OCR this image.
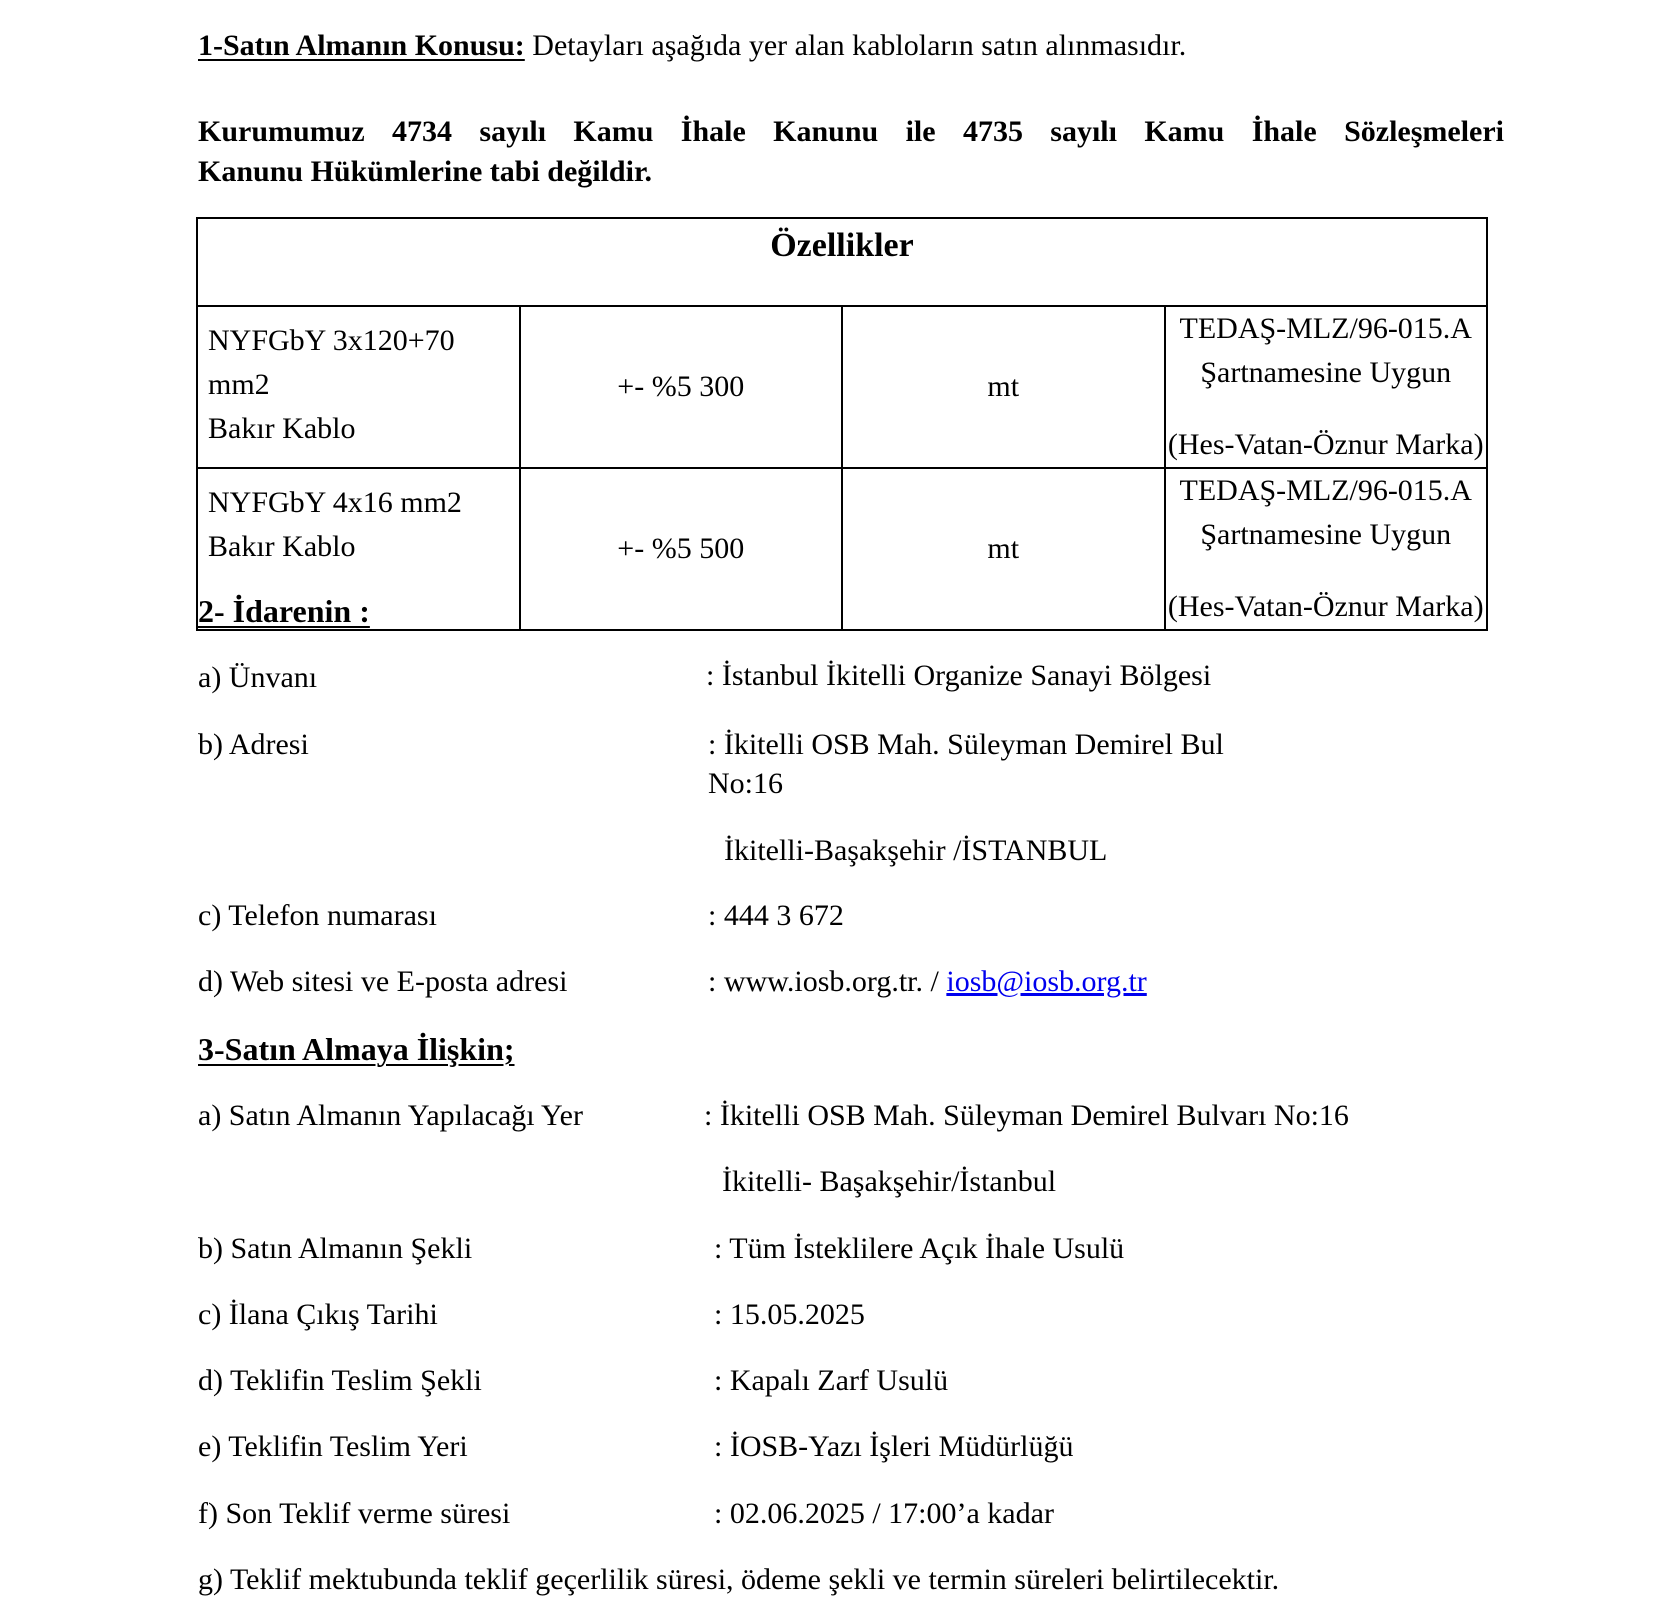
1-Satın Almanın Konusu: Detayları aşağıda yer alan kabloların satın alınmasıdır.
Kurumumuz 4734 sayılı Kamu İhale Kanunu ile 4735 sayılı Kamu İhale Sözleşmeleri
Kanunu Hükümlerine tabi değildir.
Özellikler			
NYFGbY 3x120+70 mm2
Bakır Kablo	+- %5 300	mt	TEDAŞ-MLZ/96-015.A Şartnamesine Uygun
(Hes-Vatan-Öznur Marka)

NYFGbY 4x16 mm2
Bakır Kablo	+- %5 500	mt	TEDAŞ-MLZ/96-015.A Şartnamesine Uygun
(Hes-Vatan-Öznur Marka)
2- İdarenin :
a) Ünvanı	: İstanbul İkitelli Organize Sanayi Bölgesi
b) Adresi	: İkitelli OSB Mah. Süleyman Demirel Bul
No:16
İkitelli-Başakşehir /İSTANBUL
c) Telefon numarası	: 444 3 672
d) Web sitesi ve E-posta adresi	: www.iosb.org.tr. / iosb@iosb.org.tr
3-Satın Almaya İlişkin;
a) Satın Almanın Yapılacağı Yer	: İkitelli OSB Mah. Süleyman Demirel Bulvarı No:16
İkitelli- Başakşehir/İstanbul
b) Satın Almanın Şekli	: Tüm İsteklilere Açık İhale Usulü
c) İlana Çıkış Tarihi	: 15.05.2025
d) Teklifin Teslim Şekli	: Kapalı Zarf Usulü
e) Teklifin Teslim Yeri	: İOSB-Yazı İşleri Müdürlüğü
f) Son Teklif verme süresi	: 02.06.2025 / 17:00’a kadar
g) Teklif mektubunda teklif geçerlilik süresi, ödeme şekli ve termin süreleri belirtilecektir.
